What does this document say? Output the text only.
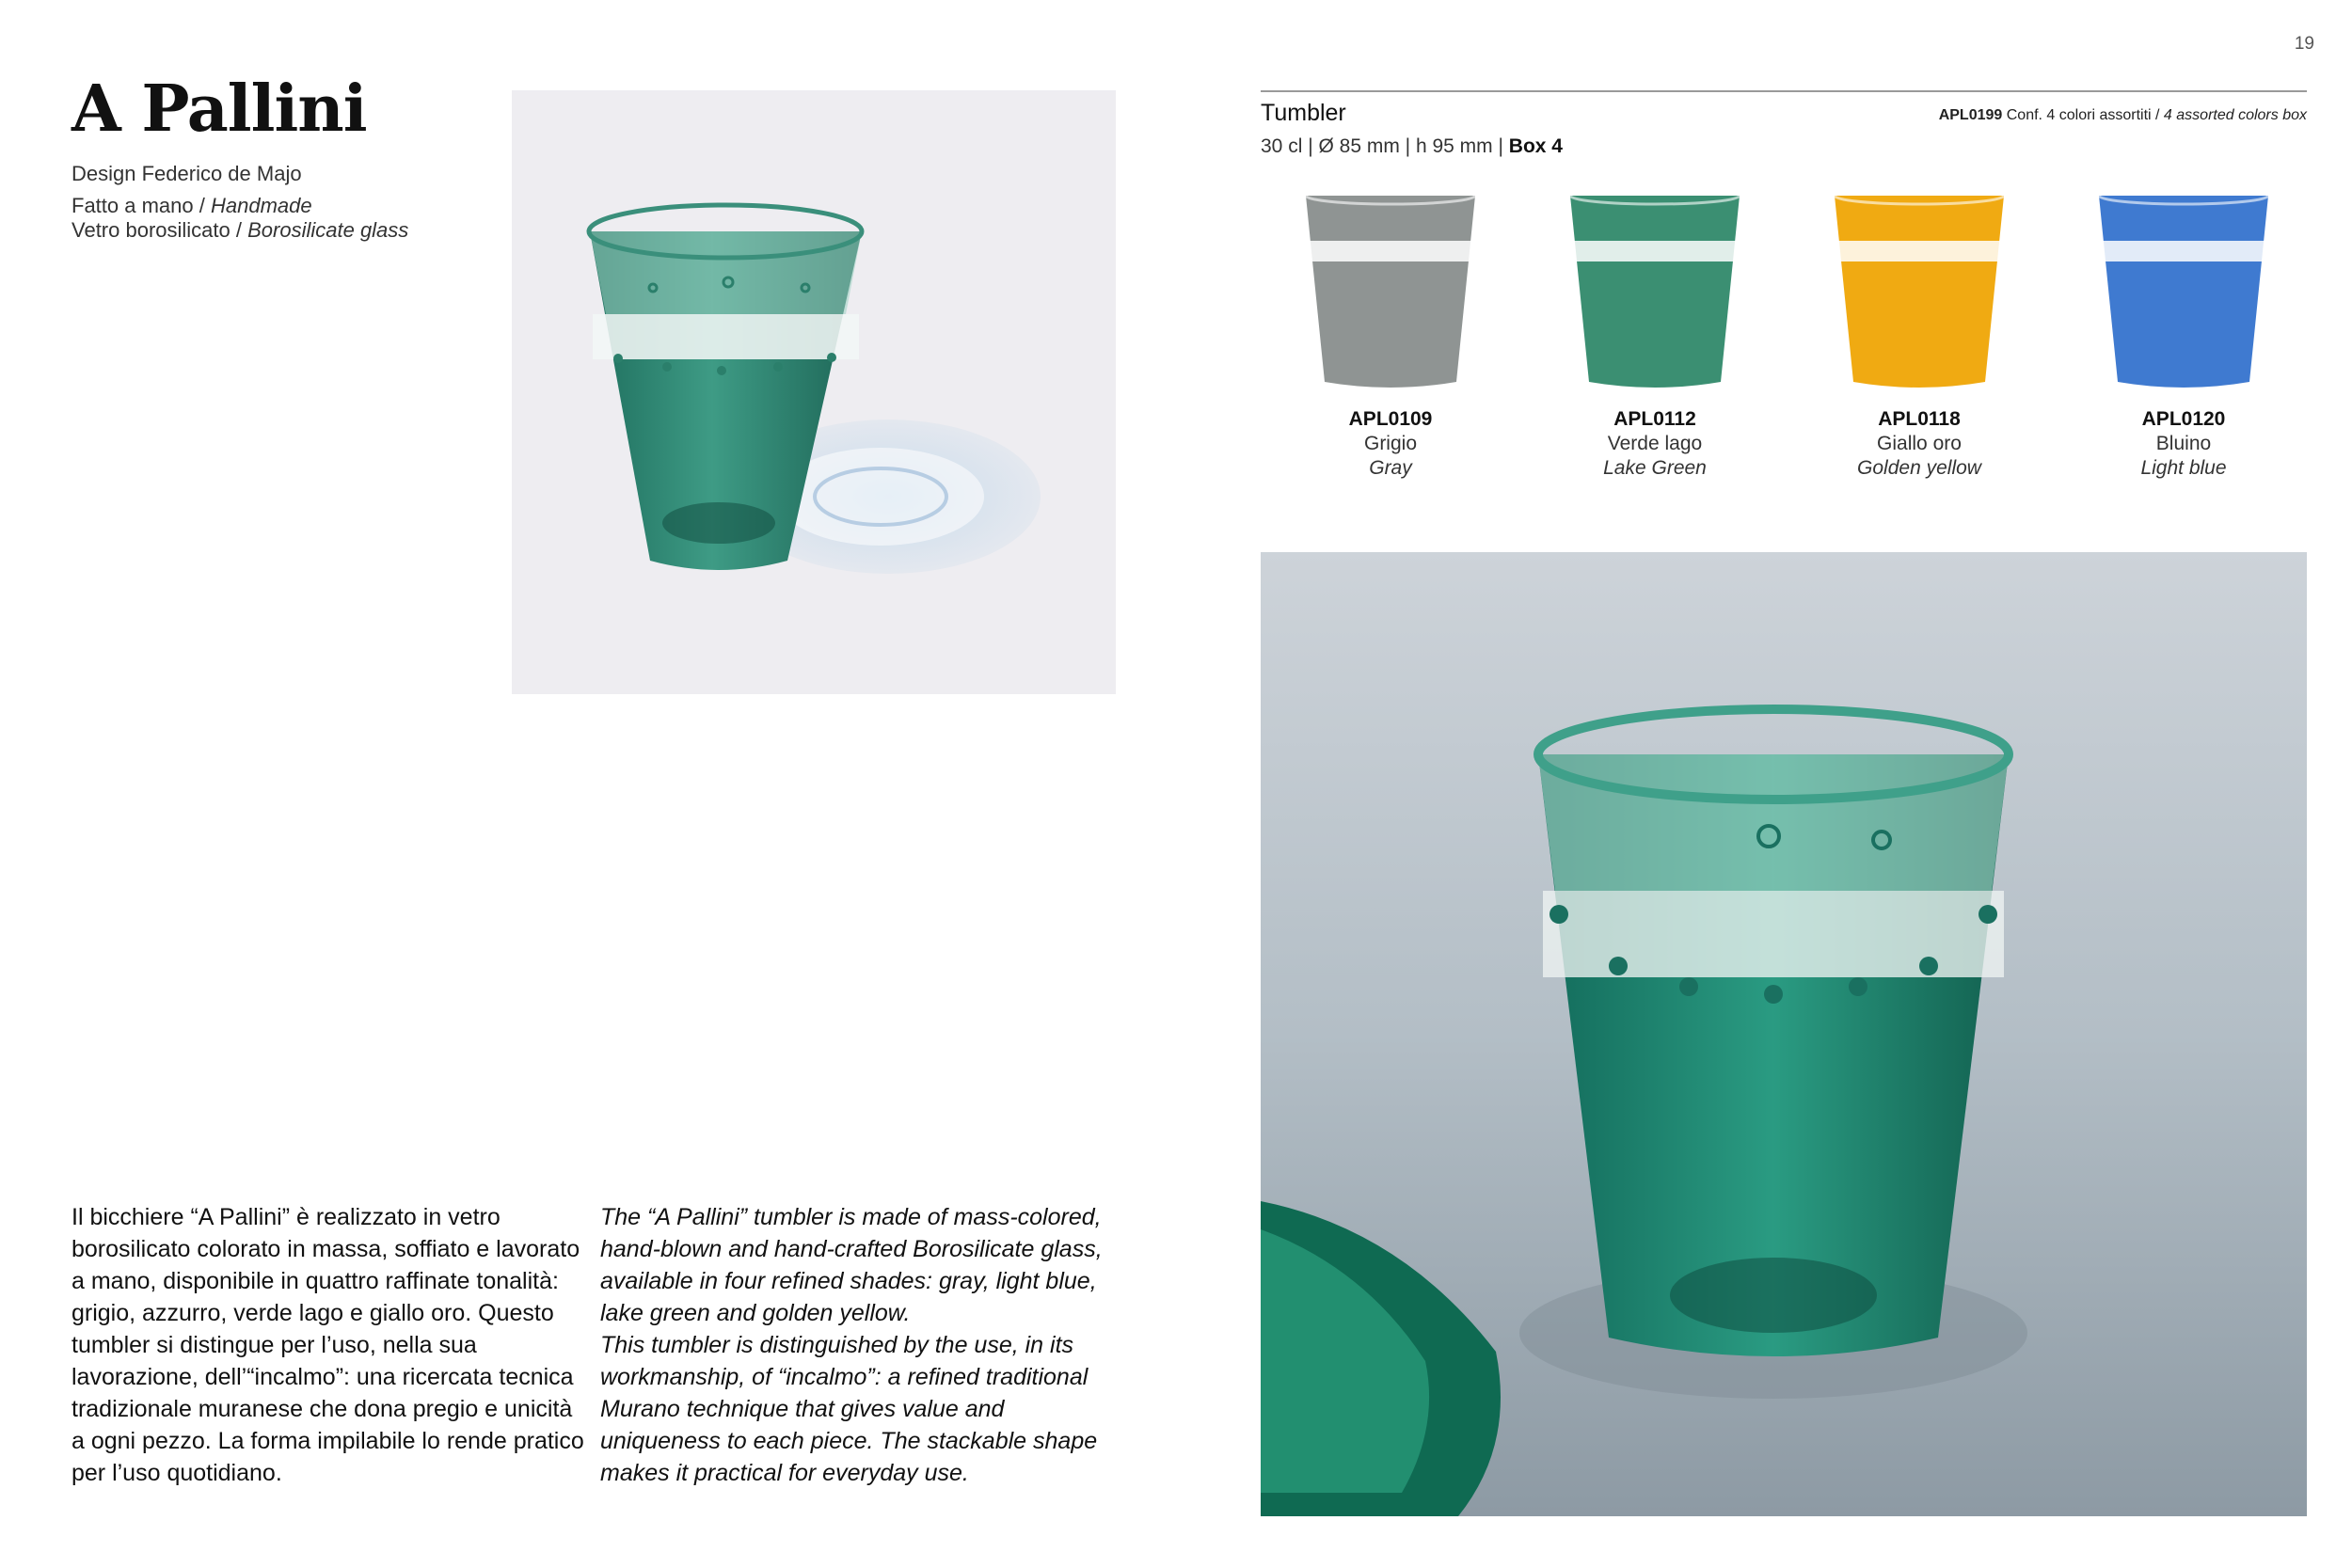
19
A Pallini
Design Federico de Majo
Fatto a mano / Handmade
Vetro borosilicato / Borosilicate glass
Tumbler
30 cl | Ø 85 mm | h 95 mm | Box 4
APL0199 Conf. 4 colori assortiti / 4 assorted colors box
APL0109
Grigio
Gray
APL0112
Verde lago
Lake Green
APL0118
Giallo oro
Golden yellow
APL0120
Bluino
Light blue

Il bicchiere “A Pallini” è realizzato in vetro borosilicato colorato in massa, soffiato e lavorato a mano, disponibile in quattro raffinate tonalità: grigio, azzurro, verde lago e giallo oro. Questo tumbler si distingue per l’uso, nella sua lavorazione, dell’“incalmo”: una ricercata tecnica tradizionale muranese che dona pregio e unicità a ogni pezzo. La forma impilabile lo rende pratico per l’uso quotidiano.

The “A Pallini” tumbler is made of mass-colored, hand-blown and hand-crafted Borosilicate glass, available in four refined shades: gray, light blue, lake green and golden yellow.

This tumbler is distinguished by the use, in its workmanship, of “incalmo”: a refined traditional Murano technique that gives value and uniqueness to each piece. The stackable shape makes it practical for everyday use.
